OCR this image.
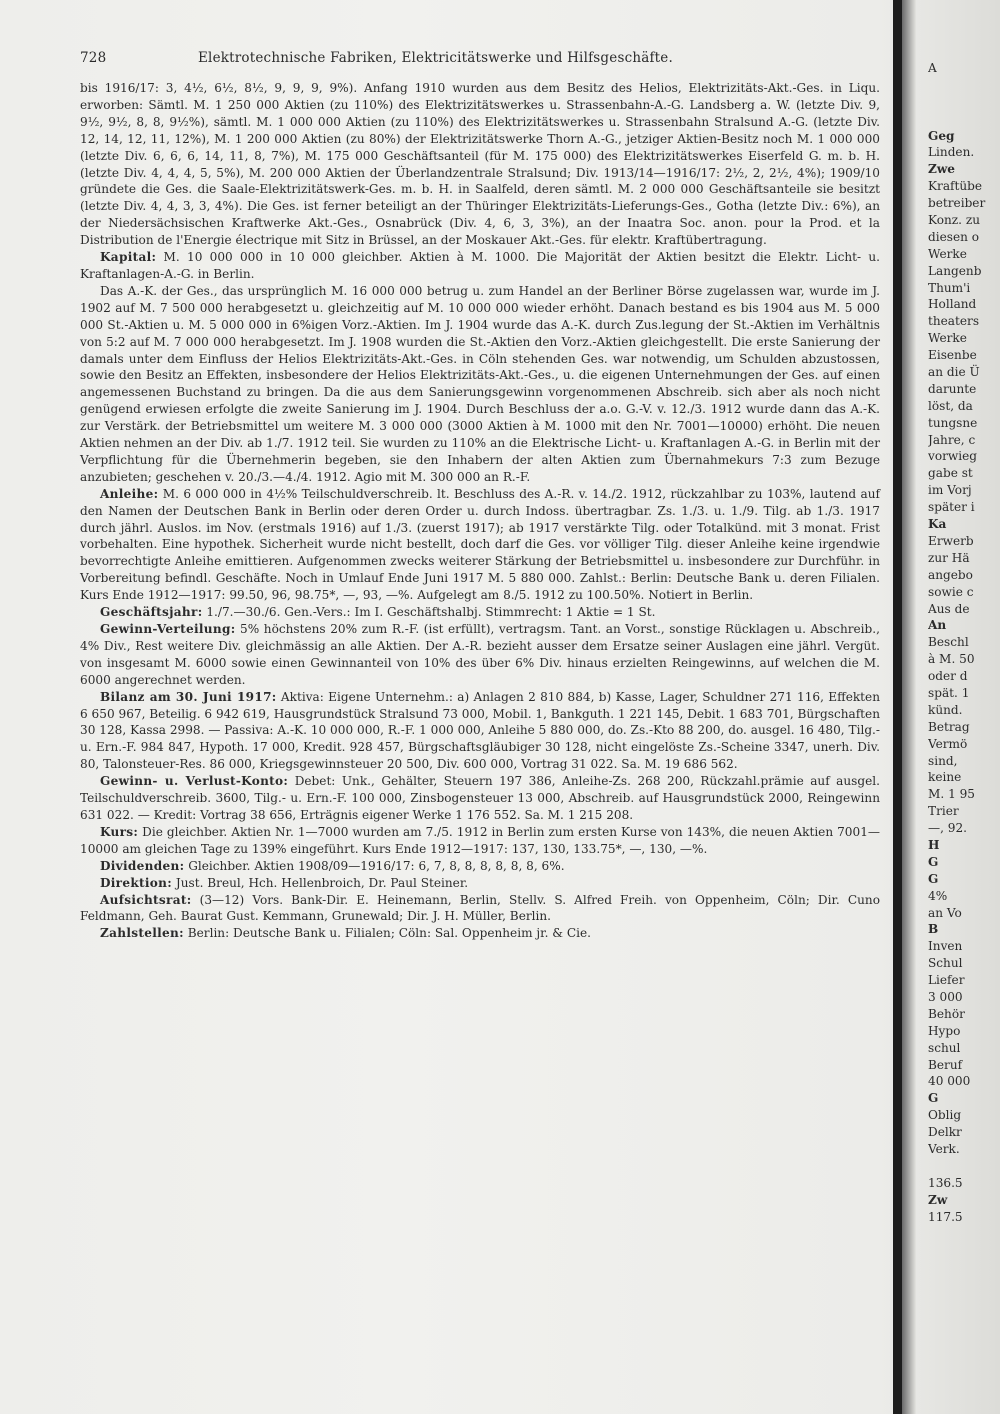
728	Elektrotechnische Fabriken, Elektricitätswerke und Hilfsgeschäfte.

bis 1916/17: 3, 4½, 6½, 8½, 9, 9, 9, 9%). Anfang 1910 wurden aus dem Besitz des Helios, Elektrizitäts-Akt.-Ges. in Liqu. erworben: Sämtl. M. 1 250 000 Aktien (zu 110%) des Elektrizitätswerkes u. Strassenbahn-A.-G. Landsberg a. W. (letzte Div. 9, 9½, 9½, 8, 8, 9½%), sämtl. M. 1 000 000 Aktien (zu 110%) des Elektrizitätswerkes u. Strassenbahn Stralsund A.-G. (letzte Div. 12, 14, 12, 11, 12%), M. 1 200 000 Aktien (zu 80%) der Elektrizitätswerke Thorn A.-G., jetziger Aktien-Besitz noch M. 1 000 000 (letzte Div. 6, 6, 6, 14, 11, 8, 7%), M. 175 000 Geschäftsanteil (für M. 175 000) des Elektrizitätswerkes Eiserfeld G. m. b. H. (letzte Div. 4, 4, 4, 5, 5%), M. 200 000 Aktien der Überlandzentrale Stralsund; Div. 1913/14—1916/17: 2½, 2, 2½, 4%); 1909/10 gründete die Ges. die Saale-Elektrizitätswerk-Ges. m. b. H. in Saalfeld, deren sämtl. M. 2 000 000 Geschäftsanteile sie besitzt (letzte Div. 4, 4, 3, 3, 4%). Die Ges. ist ferner beteiligt an der Thüringer Elektrizitäts-Lieferungs-Ges., Gotha (letzte Div.: 6%), an der Niedersächsischen Kraftwerke Akt.-Ges., Osnabrück (Div. 4, 6, 3, 3%), an der Inaatra Soc. anon. pour la Prod. et la Distribution de l'Energie électrique mit Sitz in Brüssel, an der Moskauer Akt.-Ges. für elektr. Kraftübertragung.

Kapital: M. 10 000 000 in 10 000 gleichber. Aktien à M. 1000. Die Majorität der Aktien besitzt die Elektr. Licht- u. Kraftanlagen-A.-G. in Berlin.

Das A.-K. der Ges., das ursprünglich M. 16 000 000 betrug u. zum Handel an der Berliner Börse zugelassen war, wurde im J. 1902 auf M. 7 500 000 herabgesetzt u. gleichzeitig auf M. 10 000 000 wieder erhöht. Danach bestand es bis 1904 aus M. 5 000 000 St.-Aktien u. M. 5 000 000 in 6%igen Vorz.-Aktien. Im J. 1904 wurde das A.-K. durch Zus.legung der St.-Aktien im Verhältnis von 5:2 auf M. 7 000 000 herabgesetzt. Im J. 1908 wurden die St.-Aktien den Vorz.-Aktien gleichgestellt. Die erste Sanierung der damals unter dem Einfluss der Helios Elektrizitäts-Akt.-Ges. in Cöln stehenden Ges. war notwendig, um Schulden abzustossen, sowie den Besitz an Effekten, insbesondere der Helios Elektrizitäts-Akt.-Ges., u. die eigenen Unternehmungen der Ges. auf einen angemessenen Buchstand zu bringen. Da die aus dem Sanierungsgewinn vorgenommenen Abschreib. sich aber als noch nicht genügend erwiesen erfolgte die zweite Sanierung im J. 1904. Durch Beschluss der a.o. G.-V. v. 12./3. 1912 wurde dann das A.-K. zur Verstärk. der Betriebsmittel um weitere M. 3 000 000 (3000 Aktien à M. 1000 mit den Nr. 7001—10000) erhöht. Die neuen Aktien nehmen an der Div. ab 1./7. 1912 teil. Sie wurden zu 110% an die Elektrische Licht- u. Kraftanlagen A.-G. in Berlin mit der Verpflichtung für die Übernehmerin begeben, sie den Inhabern der alten Aktien zum Übernahmekurs 7:3 zum Bezuge anzubieten; geschehen v. 20./3.—4./4. 1912. Agio mit M. 300 000 an R.-F.

Anleihe: M. 6 000 000 in 4½% Teilschuldverschreib. lt. Beschluss des A.-R. v. 14./2. 1912, rückzahlbar zu 103%, lautend auf den Namen der Deutschen Bank in Berlin oder deren Order u. durch Indoss. übertragbar. Zs. 1./3. u. 1./9. Tilg. ab 1./3. 1917 durch jährl. Auslos. im Nov. (erstmals 1916) auf 1./3. (zuerst 1917); ab 1917 verstärkte Tilg. oder Totalkünd. mit 3 monat. Frist vorbehalten. Eine hypothek. Sicherheit wurde nicht bestellt, doch darf die Ges. vor völliger Tilg. dieser Anleihe keine irgendwie bevorrechtigte Anleihe emittieren. Aufgenommen zwecks weiterer Stärkung der Betriebsmittel u. insbesondere zur Durchführ. in Vorbereitung befindl. Geschäfte. Noch in Umlauf Ende Juni 1917 M. 5 880 000. Zahlst.: Berlin: Deutsche Bank u. deren Filialen. Kurs Ende 1912—1917: 99.50, 96, 98.75*, —, 93, —%. Aufgelegt am 8./5. 1912 zu 100.50%. Notiert in Berlin.

Geschäftsjahr: 1./7.—30./6. Gen.-Vers.: Im I. Geschäftshalbj. Stimmrecht: 1 Aktie = 1 St.

Gewinn-Verteilung: 5% höchstens 20% zum R.-F. (ist erfüllt), vertragsm. Tant. an Vorst., sonstige Rücklagen u. Abschreib., 4% Div., Rest weitere Div. gleichmässig an alle Aktien. Der A.-R. bezieht ausser dem Ersatze seiner Auslagen eine jährl. Vergüt. von insgesamt M. 6000 sowie einen Gewinnanteil von 10% des über 6% Div. hinaus erzielten Reingewinns, auf welchen die M. 6000 angerechnet werden.

Bilanz am 30. Juni 1917: Aktiva: Eigene Unternehm.: a) Anlagen 2 810 884, b) Kasse, Lager, Schuldner 271 116, Effekten 6 650 967, Beteilig. 6 942 619, Hausgrundstück Stralsund 73 000, Mobil. 1, Bankguth. 1 221 145, Debit. 1 683 701, Bürgschaften 30 128, Kassa 2998. — Passiva: A.-K. 10 000 000, R.-F. 1 000 000, Anleihe 5 880 000, do. Zs.-Kto 88 200, do. ausgel. 16 480, Tilg.- u. Ern.-F. 984 847, Hypoth. 17 000, Kredit. 928 457, Bürgschaftsgläubiger 30 128, nicht eingelöste Zs.-Scheine 3347, unerh. Div. 80, Talonsteuer-Res. 86 000, Kriegsgewinnsteuer 20 500, Div. 600 000, Vortrag 31 022. Sa. M. 19 686 562.

Gewinn- u. Verlust-Konto: Debet: Unk., Gehälter, Steuern 197 386, Anleihe-Zs. 268 200, Rückzahl.prämie auf ausgel. Teilschuldverschreib. 3600, Tilg.- u. Ern.-F. 100 000, Zinsbogensteuer 13 000, Abschreib. auf Hausgrundstück 2000, Reingewinn 631 022. — Kredit: Vortrag 38 656, Erträgnis eigener Werke 1 176 552. Sa. M. 1 215 208.

Kurs: Die gleichber. Aktien Nr. 1—7000 wurden am 7./5. 1912 in Berlin zum ersten Kurse von 143%, die neuen Aktien 7001—10000 am gleichen Tage zu 139% eingeführt. Kurs Ende 1912—1917: 137, 130, 133.75*, —, 130, —%.

Dividenden: Gleichber. Aktien 1908/09—1916/17: 6, 7, 8, 8, 8, 8, 8, 8, 6%.

Direktion: Just. Breul, Hch. Hellenbroich, Dr. Paul Steiner.

Aufsichtsrat: (3—12) Vors. Bank-Dir. E. Heinemann, Berlin, Stellv. S. Alfred Freih. von Oppenheim, Cöln; Dir. Cuno Feldmann, Geh. Baurat Gust. Kemmann, Grunewald; Dir. J. H. Müller, Berlin.

Zahlstellen: Berlin: Deutsche Bank u. Filialen; Cöln: Sal. Oppenheim jr. & Cie.

A
Geg
Linden.
Zwe
Kraftübe
betreiber
Konz. zu
diesen o
Werke
Langenb
Thum'i
Holland
theaters
Werke
Eisenbe
an die Ü
darunte
löst, da
tungsne
Jahre, c
vorwieg
gabe st
im Vorj
später i
Ka
Erwerb
zur Hä
angebo
sowie c
Aus de
An
Beschl
à M. 50
oder d
spät. 1
künd.
Betrag
Vermö
sind,
keine
M. 1 95
Trier
—, 92.
H
G
G
4%
an Vo
B
Inven
Schul
Liefer
3 000
Behör
Hypo
schul
Beruf
40 000
G
Oblig
Delkr
Verk.
136.5
Zw
117.5
